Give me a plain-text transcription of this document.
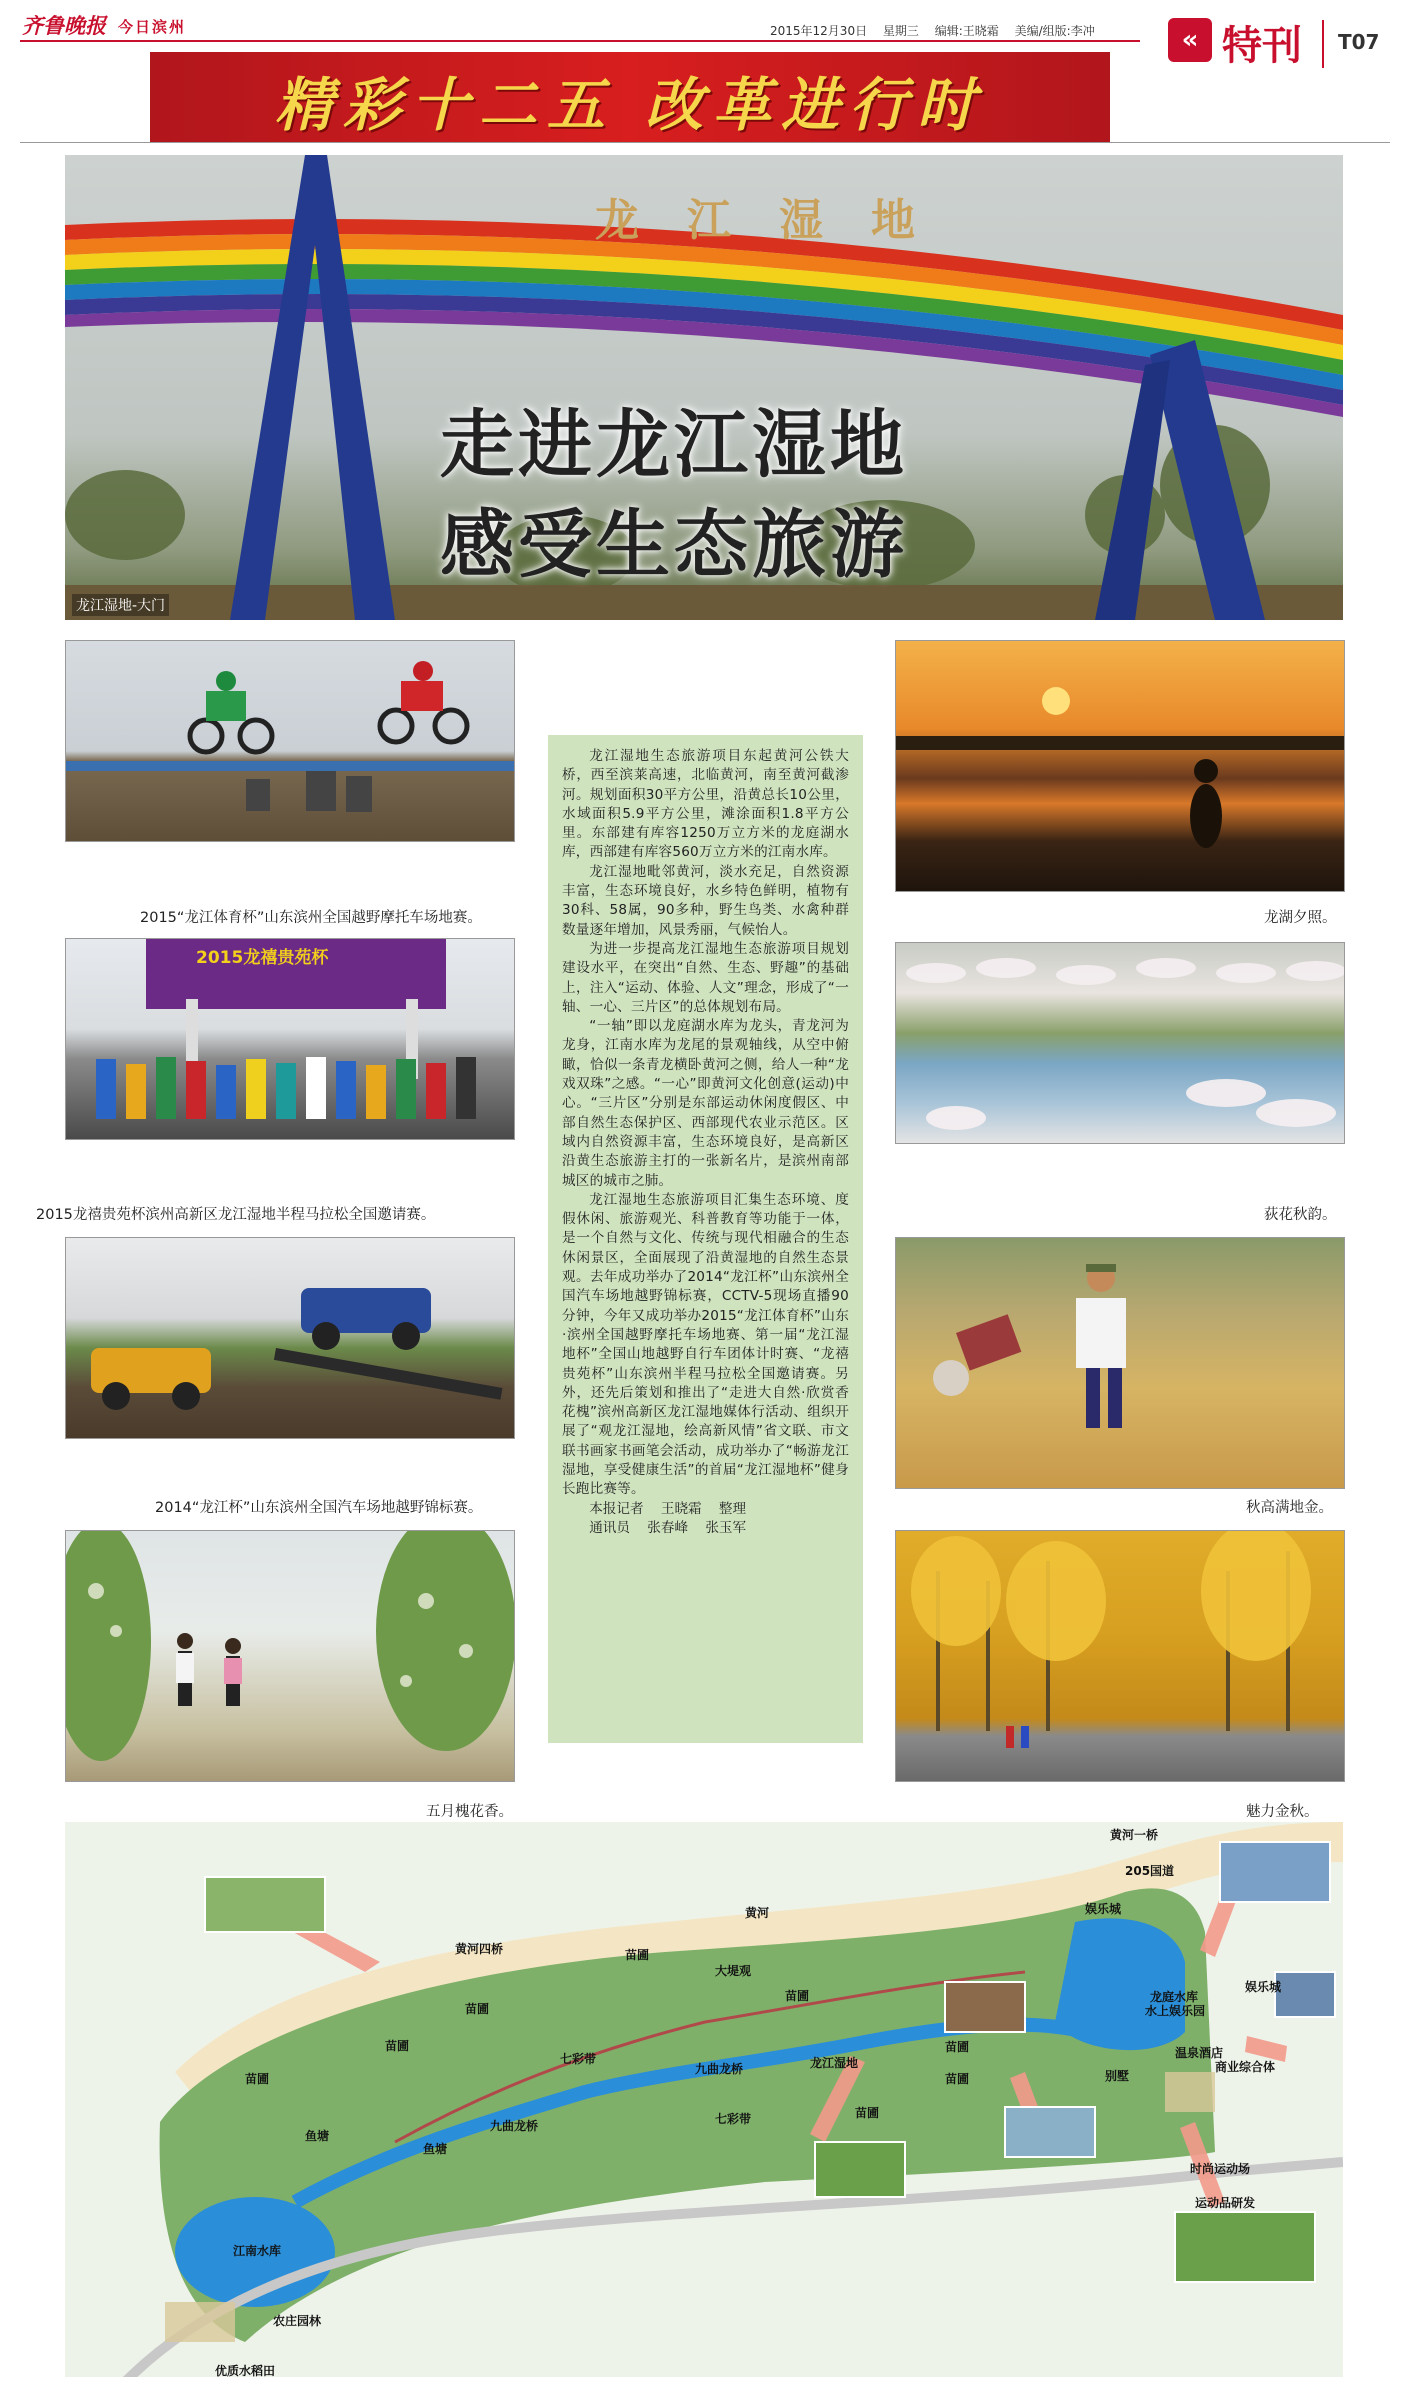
齐鲁晚报 今日滨州	2015年12月30日 星期三 编辑:王晓霜 美编/组版:李冲	« 特刊 T07
精彩十二五 改革进行时
龙江湿地
走进龙江湿地
感受生态旅游
龙江湿地-大门
2015“龙江体育杯”山东滨州全国越野摩托车场地赛。
2015龙禧贵苑杯
2015龙禧贵苑杯滨州高新区龙江湿地半程马拉松全国邀请赛。
2014“龙江杯”山东滨州全国汽车场地越野锦标赛。
五月槐花香。

龙江湿地生态旅游项目东起黄河公铁大桥，西至滨莱高速，北临黄河，南至黄河截渗河。规划面积30平方公里，沿黄总长10公里，水域面积5.9平方公里，滩涂面积1.8平方公里。东部建有库容1250万立方米的龙庭湖水库，西部建有库容560万立方米的江南水库。

龙江湿地毗邻黄河，淡水充足，自然资源丰富，生态环境良好，水乡特色鲜明，植物有30科、58属，90多种，野生鸟类、水禽种群数量逐年增加，风景秀丽，气候怡人。

为进一步提高龙江湿地生态旅游项目规划建设水平，在突出“自然、生态、野趣”的基础上，注入“运动、体验、人文”理念，形成了“一轴、一心、三片区”的总体规划布局。

“一轴”即以龙庭湖水库为龙头，青龙河为龙身，江南水库为龙尾的景观轴线，从空中俯瞰，恰似一条青龙横卧黄河之侧，给人一种“龙戏双珠”之感。“一心”即黄河文化创意(运动)中心。“三片区”分别是东部运动休闲度假区、中部自然生态保护区、西部现代农业示范区。区域内自然资源丰富，生态环境良好，是高新区沿黄生态旅游主打的一张新名片，是滨州南部城区的城市之肺。

龙江湿地生态旅游项目汇集生态环境、度假休闲、旅游观光、科普教育等功能于一体，是一个自然与文化、传统与现代相融合的生态休闲景区，全面展现了沿黄湿地的自然生态景观。去年成功举办了2014“龙江杯”山东滨州全国汽车场地越野锦标赛，CCTV-5现场直播90分钟，今年又成功举办2015“龙江体育杯”山东·滨州全国越野摩托车场地赛、第一届“龙江湿地杯”全国山地越野自行车团体计时赛、“龙禧贵苑杯”山东滨州半程马拉松全国邀请赛。另外，还先后策划和推出了“走进大自然·欣赏香花槐”滨州高新区龙江湿地媒体行活动、组织开展了“观龙江湿地，绘高新风情”省文联、市文联书画家书画笔会活动，成功举办了“畅游龙江湿地，享受健康生活”的首届“龙江湿地杯”健身长跑比赛等。

本报记者    王晓霜    整理

通讯员    张春峰    张玉军

龙湖夕照。
荻花秋韵。
秋高满地金。
魅力金秋。
黄河一桥
205国道
黄河
黄河四桥	苗圃
大堤观
苗圃
苗圃
娱乐城
龙庭水库
水上娱乐园
娱乐城
七彩带
九曲龙桥	龙江湿地
温泉酒店
商业综合体
别墅
九曲龙桥	七彩带
苗圃
苗圃
苗圃
鱼塘
鱼塘
江南水库
时尚运动场
运动品研发
农庄园林
优质水稻田
苗圃
苗圃
